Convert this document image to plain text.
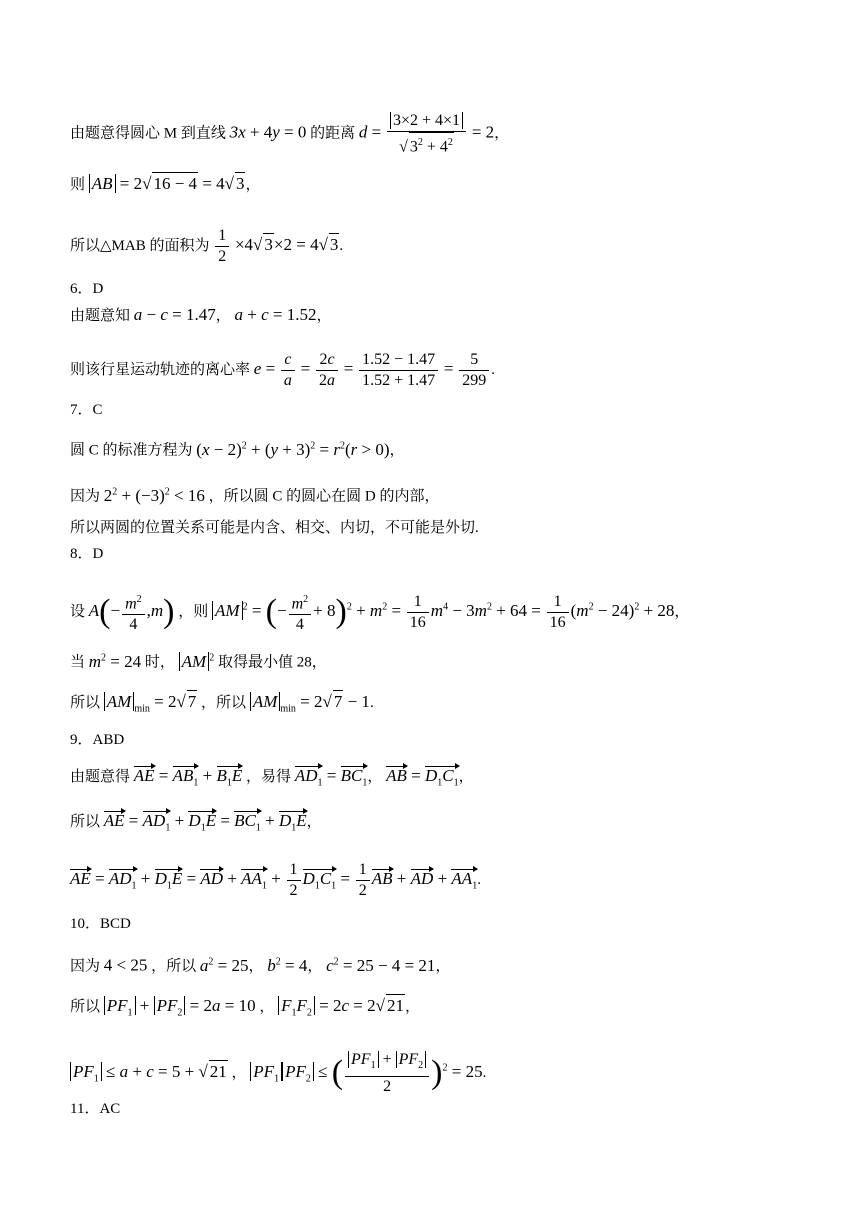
由题意得圆心 M 到直线 3x + 4y = 0 的距离 $d = \frac{3\times 2 + 4\times 1}{√ 3^2 + 4^2} = 2$，
则 AB = 2√ 16 − 4 = 4√ 3，
所以△MAB 的面积为 $\frac{1}{2} \times 4√$ 3×2 = 4√ 3.
6．D
由题意知 a − c = 1.47， a + c = 1.52，
则该行星运动轨迹的离心率 $e = \frac{c}{a} = \frac{2c}{2a} = \frac{1.52 - 1.47}{1.52 + 1.47} = \frac{5}{299}$ .
7．C
圆 C 的标准方程为 $(x - 2)^2 + (y + 3)^2 = r^2(r > 0)$，
因为 $2^2 + (-3)^2 < 16$ ，所以圆 C 的圆心在圆 D 的内部，
所以两圆的位置关系可能是内含、相交、内切，不可能是外切.
8．D
设 $A(- \frac{m^2}{4} ,m)$ ，则 AM $^2$ = (− $\frac{m^2}{4} + 8)^2 + m^2 = \frac{1}{16} m^4 - 3m^2 + 64 = \frac{1}{16} (m^2 - 24)^2 + 28$，
当 $m^2 = 24$ 时， AM $^2$ 取得最小值 28，
所以 AM $_{min}$ = 2√ 7 ，所以 AM $_{min}$ = 2√ 7 − 1.
9．ABD
由题意得 AE = $AB_1 + B_1E$ ，易得 $AD_1 = BC_1$， AB = $D_1C_1$，
所以 AE = $AD_1 + D_1E = BC_1 + D_1E$，
AE = $AD_1 + D_1E$ = AD + $AA_1 + \frac{1}{2} D_1C_1 = \frac{1}{2}$ AB + AD + $AA_1$.
10．BCD
因为 4 < 25 ，所以 $a^2 = 25$， $b^2 = 4$， $c^2 = 25 - 4 = 21$，
所以 $PF_1 + PF_2 = 2a = 10$ ， $F_1F_2 = 2c = 2√$ 21，
$PF_1 \le a + c = 5$ + √ 21 ， $PF_1$ $PF_2$ ≤ ( $\frac{PF_1 + PF_2}{2} )^2 = 25$.
11．AC
